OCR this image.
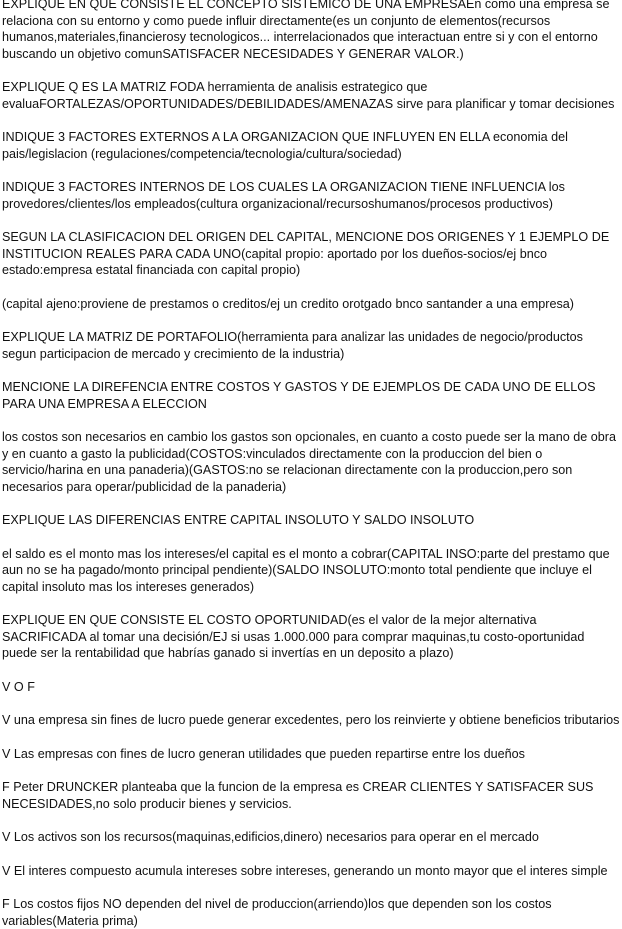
EXPLIQUE EN QUE CONSISTE EL CONCEPTO SISTEMICO DE UNA EMPRESAEn como una empresa se relaciona con su entorno y como puede influir directamente(es un conjunto de elementos(recursos humanos,materiales,financierosy tecnologicos... interrelacionados que interactuan entre si y con el entorno buscando un objetivo comunSATISFACER NECESIDADES Y GENERAR VALOR.)

EXPLIQUE Q ES LA MATRIZ FODA herramienta de analisis estrategico que evaluaFORTALEZAS/OPORTUNIDADES/DEBILIDADES/AMENAZAS sirve para planificar y tomar decisiones

INDIQUE 3 FACTORES EXTERNOS A LA ORGANIZACION QUE INFLUYEN EN ELLA economia del pais/legislacion (regulaciones/competencia/tecnologia/cultura/sociedad)

INDIQUE 3 FACTORES INTERNOS DE LOS CUALES LA ORGANIZACION TIENE INFLUENCIA los provedores/clientes/los empleados(cultura organizacional/recursoshumanos/procesos productivos)

SEGUN LA CLASIFICACION DEL ORIGEN DEL CAPITAL, MENCIONE DOS ORIGENES Y 1 EJEMPLO DE INSTITUCION REALES PARA CADA UNO(capital propio: aportado por los dueños-socios/ej bnco estado:empresa estatal financiada con capital propio)

(capital ajeno:proviene de prestamos o creditos/ej un credito orotgado bnco santander a una empresa)

EXPLIQUE LA MATRIZ DE PORTAFOLIO(herramienta para analizar las unidades de negocio/productos segun participacion de mercado y crecimiento de la industria)

MENCIONE LA DIREFENCIA ENTRE COSTOS Y GASTOS Y DE EJEMPLOS DE CADA UNO DE ELLOS PARA UNA EMPRESA A ELECCION

los costos son necesarios en cambio los gastos son opcionales, en cuanto a costo puede ser la mano de obra y en cuanto a gasto la publicidad(COSTOS:vinculados directamente con la produccion del bien o servicio/harina en una panaderia)(GASTOS:no se relacionan directamente con la produccion,pero son necesarios para operar/publicidad de la panaderia)

EXPLIQUE LAS DIFERENCIAS ENTRE CAPITAL INSOLUTO Y SALDO INSOLUTO

el saldo es el monto mas los intereses/el capital es el monto a cobrar(CAPITAL INSO:parte del prestamo que aun no se ha pagado/monto principal pendiente)(SALDO INSOLUTO:monto total pendiente que incluye el capital insoluto mas los intereses generados)

EXPLIQUE EN QUE CONSISTE EL COSTO OPORTUNIDAD(es el valor de la mejor alternativa SACRIFICADA al tomar una decisión/EJ si usas 1.000.000 para comprar maquinas,tu costo-oportunidad puede ser la rentabilidad que habrías ganado si invertías en un deposito a plazo)

V O F

V una empresa sin fines de lucro puede generar excedentes, pero los reinvierte y obtiene beneficios tributarios

V Las empresas con fines de lucro generan utilidades que pueden repartirse entre los dueños

F Peter DRUNCKER planteaba que la funcion de la empresa es CREAR CLIENTES Y SATISFACER SUS NECESIDADES,no solo producir bienes y servicios.

V Los activos son los recursos(maquinas,edificios,dinero) necesarios para operar en el mercado

V El interes compuesto acumula intereses sobre intereses, generando un monto mayor que el interes simple

F Los costos fijos NO dependen del nivel de produccion(arriendo)los que dependen son los costos variables(Materia prima)
